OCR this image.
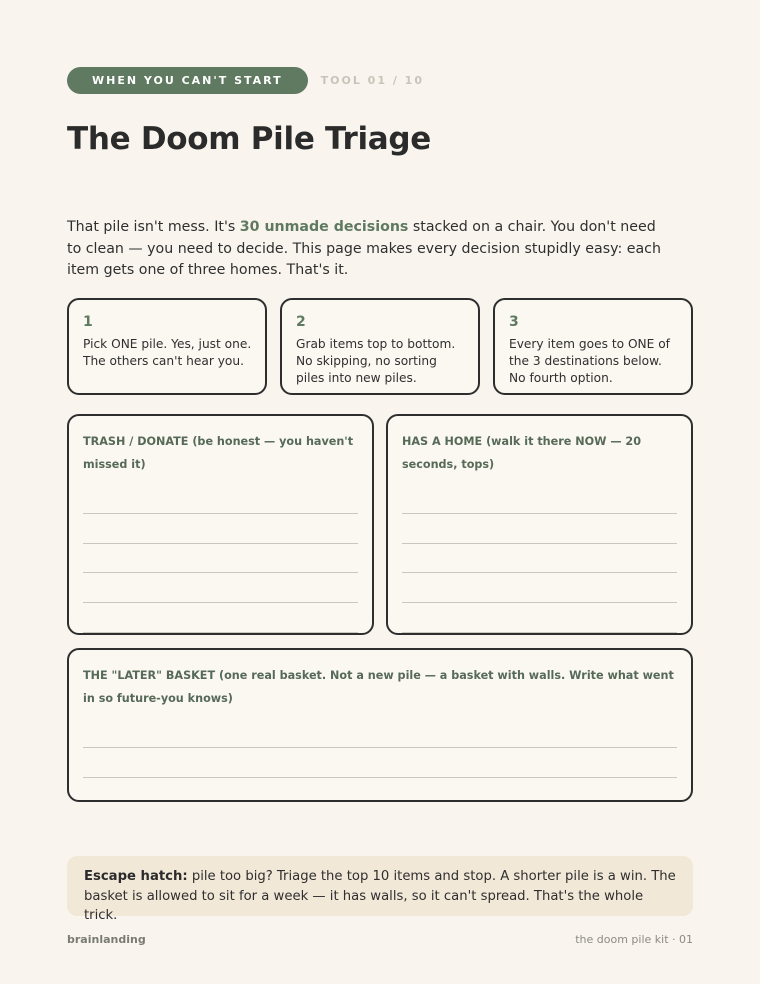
WHEN YOU CAN'T START	TOOL 01 / 10
The Doom Pile Triage
That pile isn't mess. It's 30 unmade decisions stacked on a chair. You don't need to clean — you need to decide. This page makes every decision stupidly easy: each item gets one of three homes. That's it.
1
Pick ONE pile. Yes, just one. The others can't hear you.
2
Grab items top to bottom. No skipping, no sorting piles into new piles.
3
Every item goes to ONE of the 3 destinations below. No fourth option.
TRASH / DONATE (be honest — you haven't missed it)
HAS A HOME (walk it there NOW — 20 seconds, tops)
THE "LATER" BASKET (one real basket. Not a new pile — a basket with walls. Write what went in so future-you knows)
Escape hatch: pile too big? Triage the top 10 items and stop. A shorter pile is a win. The basket is allowed to sit for a week — it has walls, so it can't spread. That's the whole trick.
brainlanding	the doom pile kit · 01
